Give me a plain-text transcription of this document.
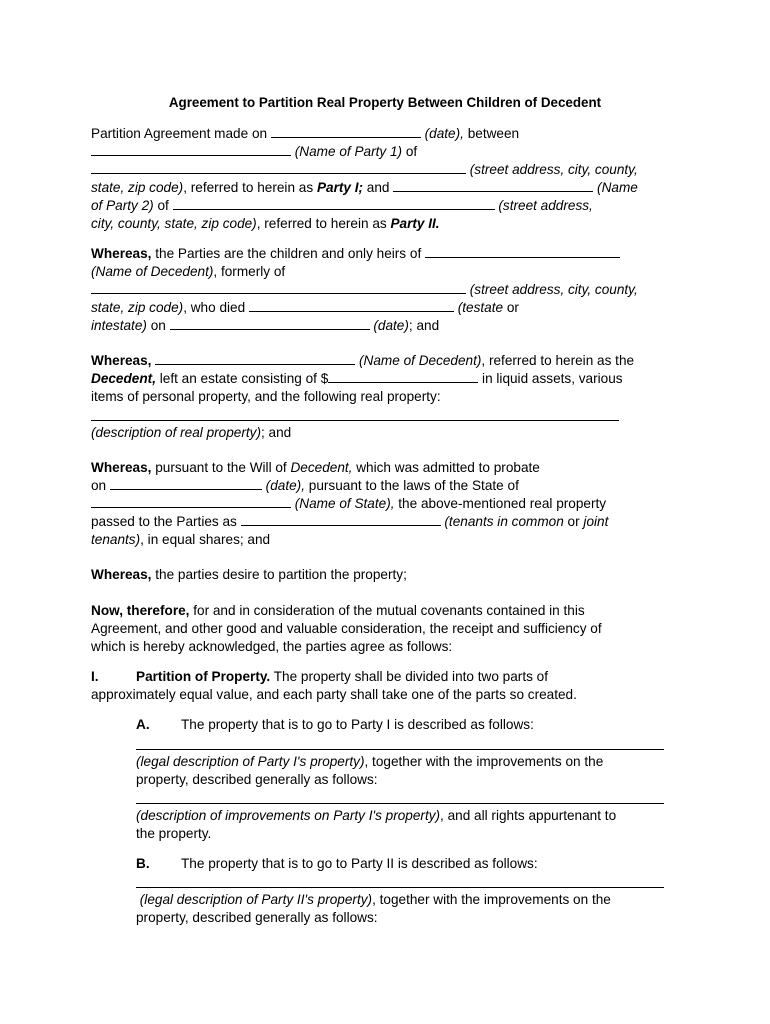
Agreement to Partition Real Property Between Children of Decedent
Partition Agreement made on	(date), between
(Name of Party 1) of
(street address, city, county,
state, zip code), referred to herein as Party I; and	(Name
of Party 2) of	(street address,
city, county, state, zip code), referred to herein as Party II.
Whereas, the Parties are the children and only heirs of
(Name of Decedent), formerly of
(street address, city, county,
state, zip code), who died	(testate or
intestate) on	(date); and
Whereas,	(Name of Decedent), referred to herein as the
Decedent, left an estate consisting of $	in liquid assets, various
items of personal property, and the following real property:
(description of real property); and
Whereas, pursuant to the Will of Decedent, which was admitted to probate
on	(date), pursuant to the laws of the State of
(Name of State), the above-mentioned real property
passed to the Parties as	(tenants in common or joint
tenants), in equal shares; and
Whereas, the parties desire to partition the property;
Now, therefore, for and in consideration of the mutual covenants contained in this
Agreement, and other good and valuable consideration, the receipt and sufficiency of
which is hereby acknowledged, the parties agree as follows:
I.	Partition of Property. The property shall be divided into two parts of
approximately equal value, and each party shall take one of the parts so created.
A. The property that is to go to Party I is described as follows:
(legal description of Party I's property), together with the improvements on the
property, described generally as follows:
(description of improvements on Party I's property), and all rights appurtenant to
the property.
B. The property that is to go to Party II is described as follows:
(legal description of Party II's property), together with the improvements on the
property, described generally as follows:
